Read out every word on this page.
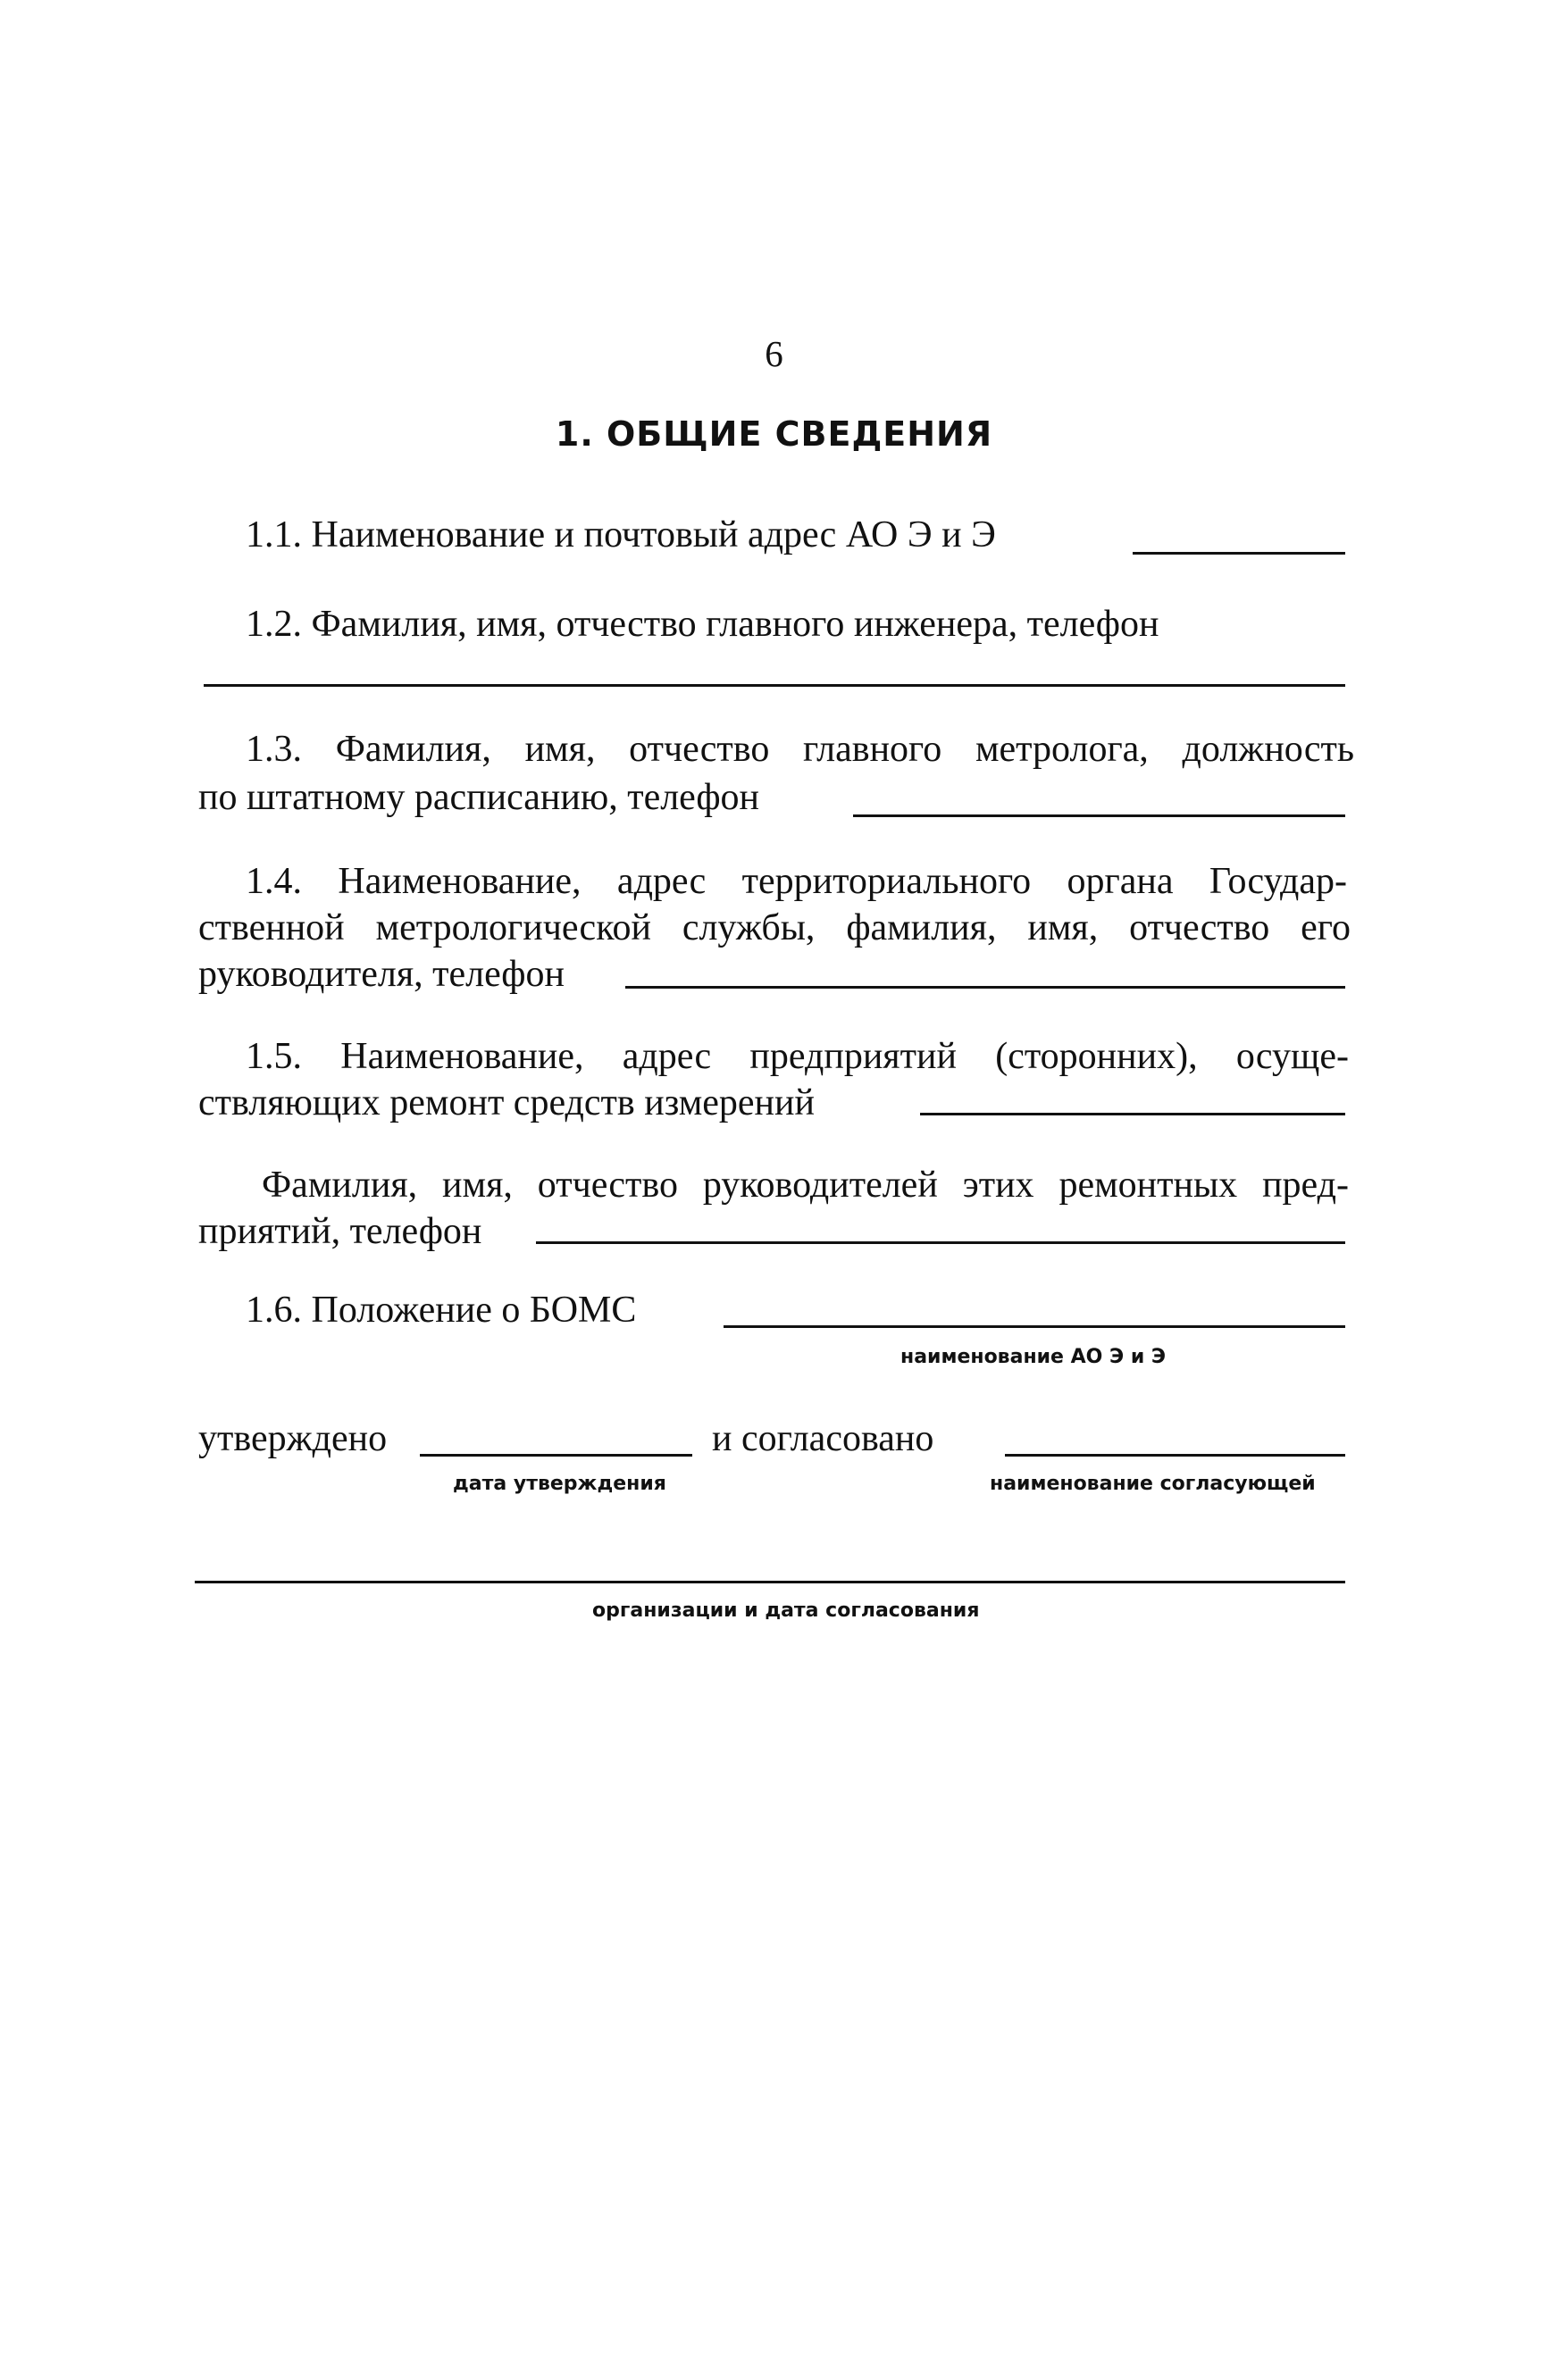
6
1. ОБЩИЕ СВЕДЕНИЯ
1.1. Наименование и почтовый адрес АО Э и Э
1.2. Фамилия, имя, отчество главного инженера, телефон
1.3. Фамилия, имя, отчество главного метролога, должность
по штатному расписанию, телефон
1.4. Наименование, адрес территориального органа Государ-
ственной метрологической службы, фамилия, имя, отчество его
руководителя, телефон
1.5. Наименование, адрес предприятий (сторонних), осуще-
ствляющих ремонт средств измерений
Фамилия, имя, отчество руководителей этих ремонтных пред-
приятий, телефон
1.6. Положение о БОМС
наименование АО Э и Э
утверждено	и согласовано
дата утверждения	наименование согласующей
организации и дата согласования
